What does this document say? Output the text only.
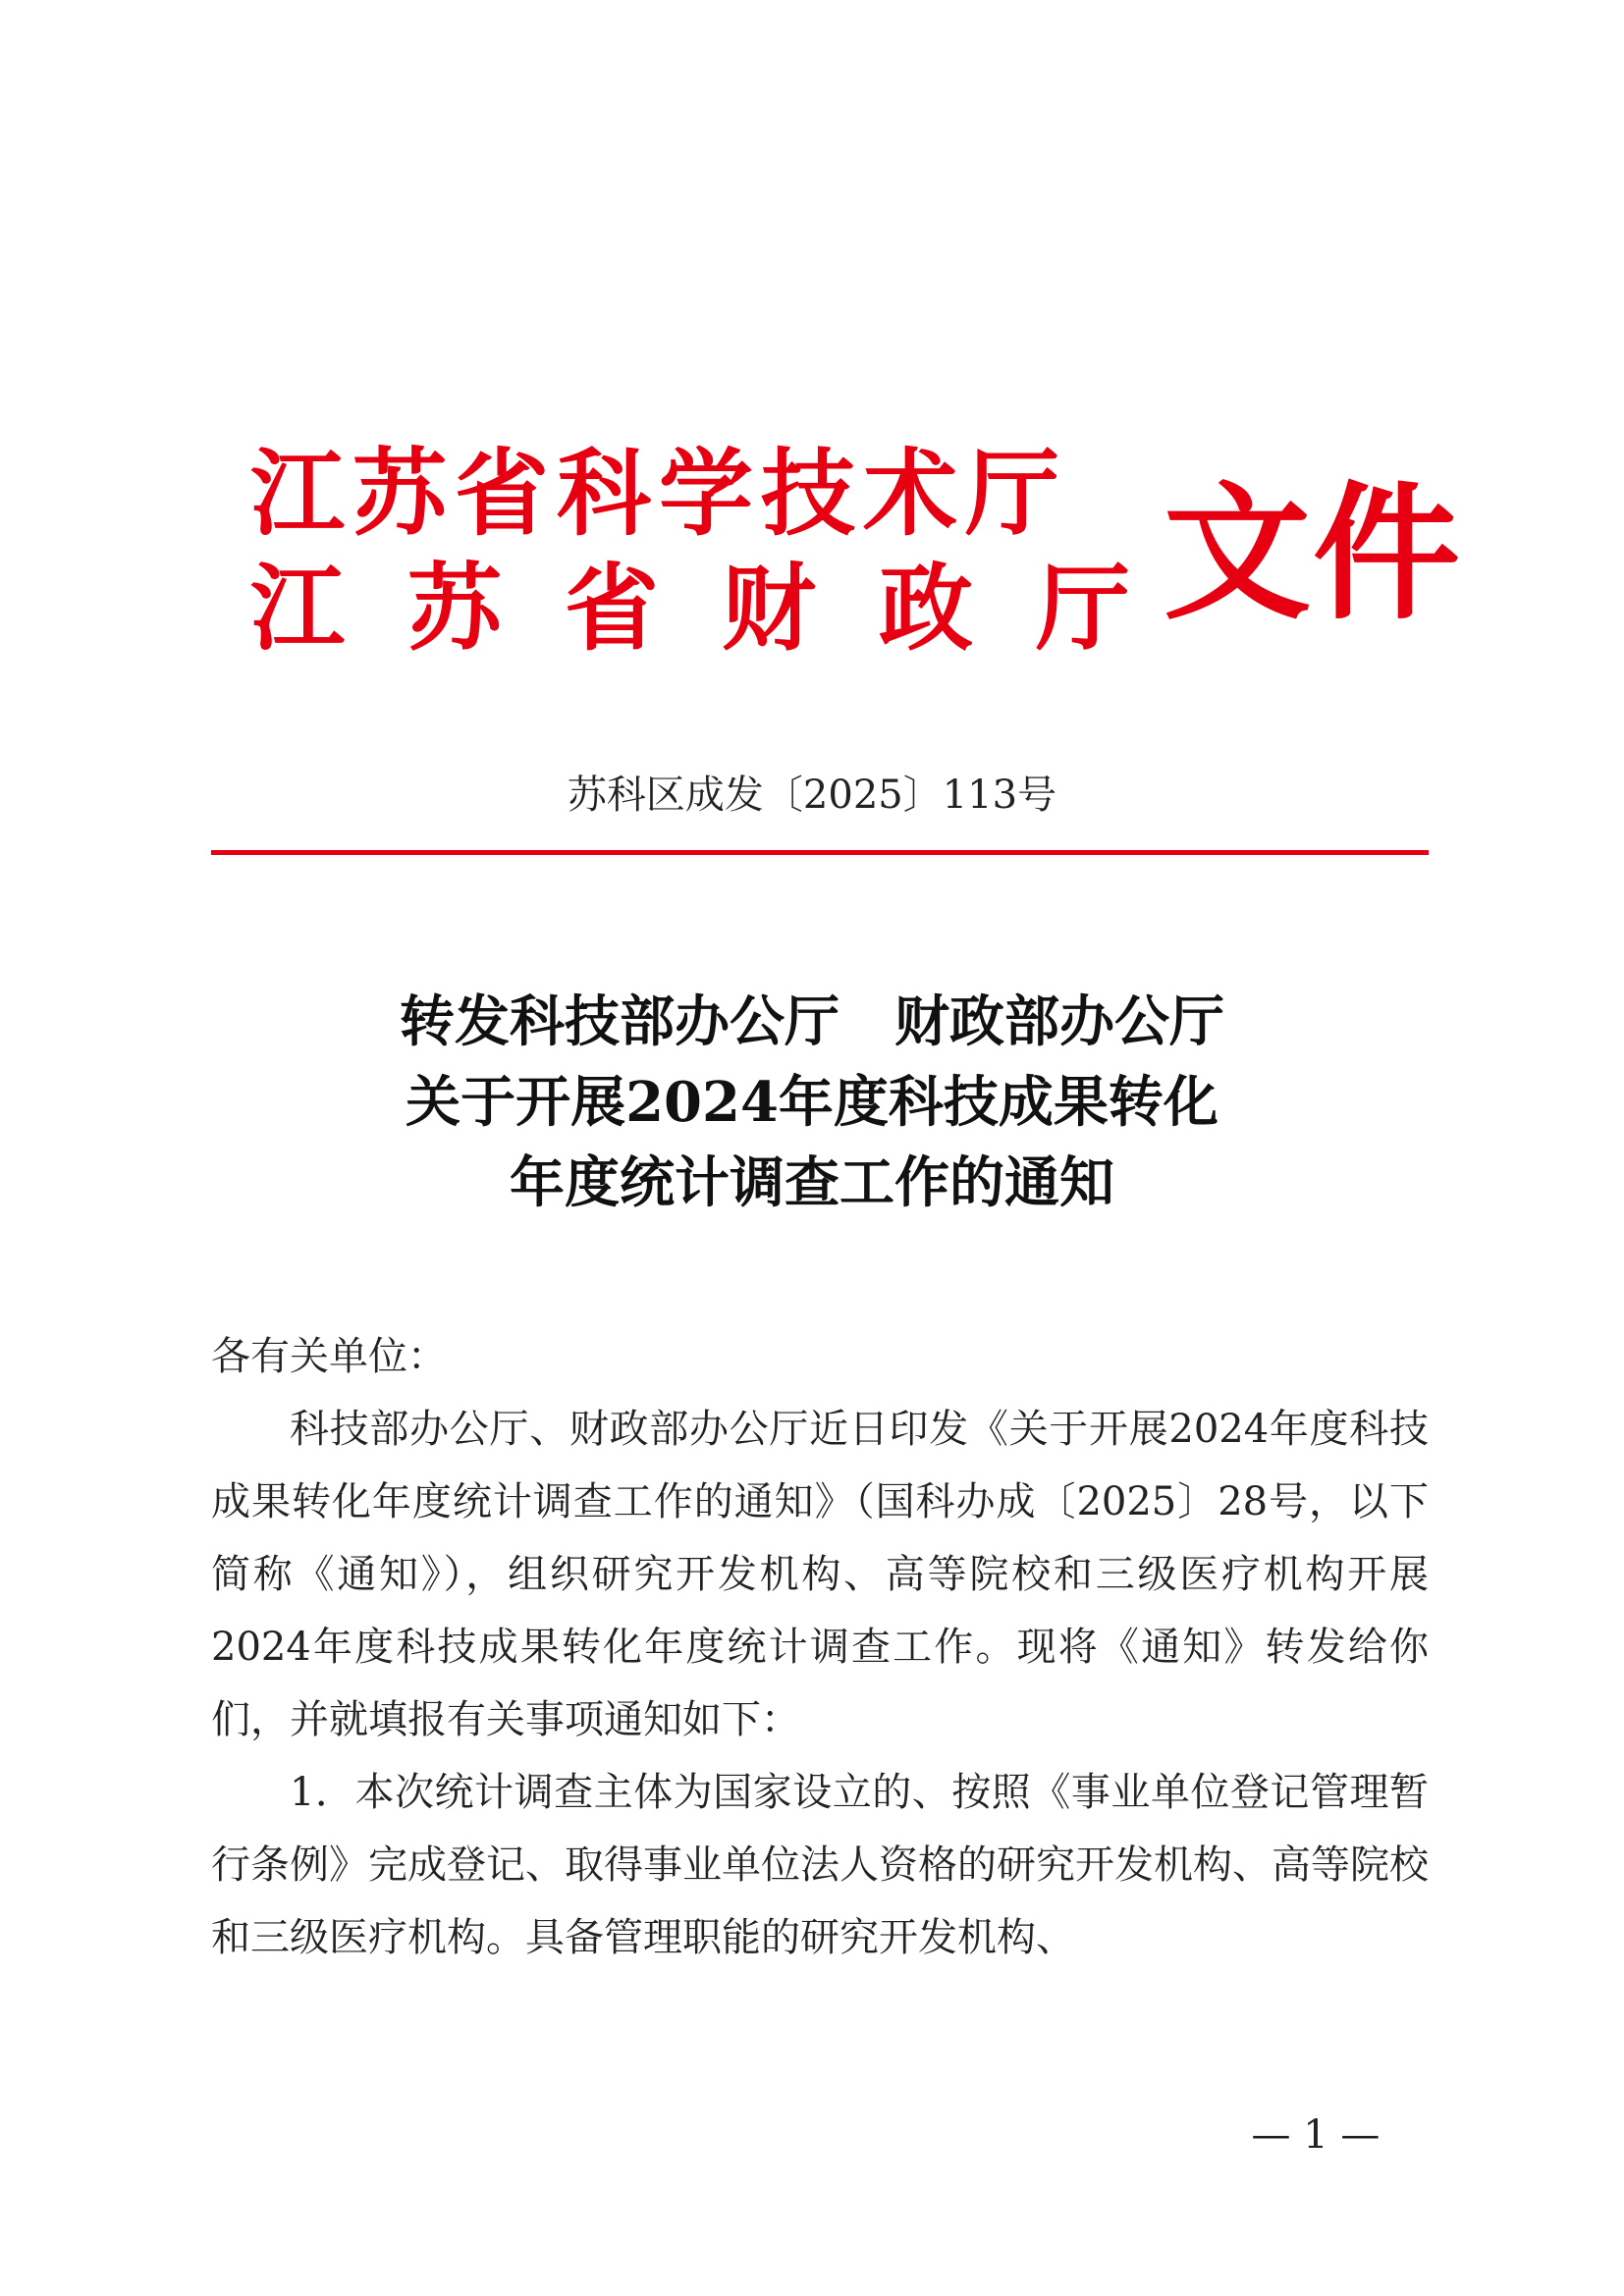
江苏省科学技术厅
江苏省财政厅
文件
苏科区成发〔2025〕113号
转发科技部办公厅　财政部办公厅
关于开展2024年度科技成果转化
年度统计调查工作的通知

各有关单位：

科技部办公厅、财政部办公厅近日印发《关于开展2024年度科技成果转化年度统计调查工作的通知》（国科办成〔2025〕28号，以下简称《通知》），组织研究开发机构、高等院校和三级医疗机构开展2024年度科技成果转化年度统计调查工作。现将《通知》转发给你们，并就填报有关事项通知如下：

1．本次统计调查主体为国家设立的、按照《事业单位登记管理暂行条例》完成登记、取得事业单位法人资格的研究开发机构、高等院校和三级医疗机构。具备管理职能的研究开发机构、

— 1 —
